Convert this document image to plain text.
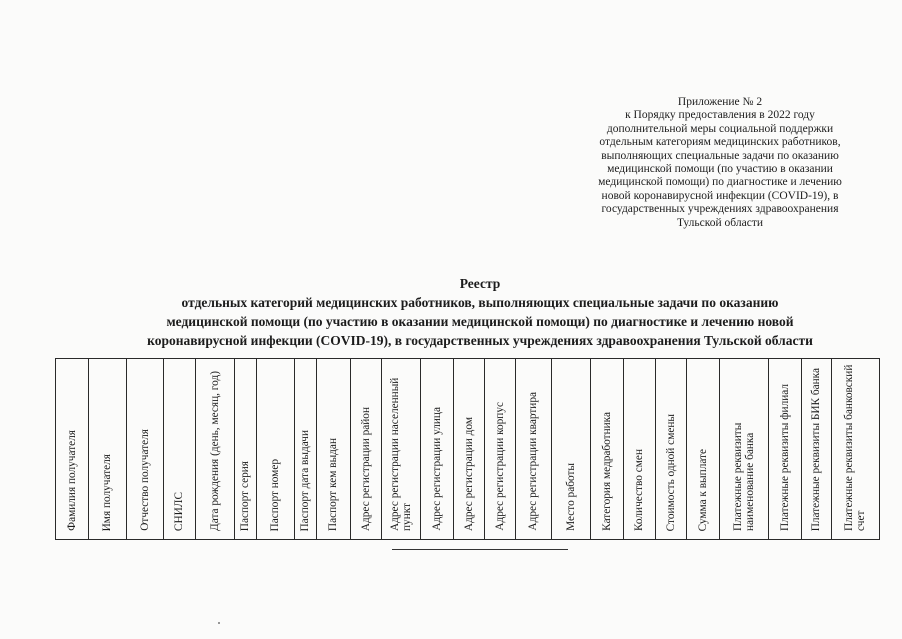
Приложение № 2
к Порядку предоставления в 2022 году
дополнительной меры социальной поддержки
отдельным категориям медицинских работников,
выполняющих специальные задачи по оказанию
медицинской помощи (по участию в оказании
медицинской помощи) по диагностике и лечению
новой коронавирусной инфекции (COVID-19), в
государственных учреждениях здравоохранения
Тульской области
Реестр
отдельных категорий медицинских работников, выполняющих специальные задачи по оказанию
медицинской помощи (по участию в оказании медицинской помощи) по диагностике и лечению новой
коронавирусной инфекции (COVID-19), в государственных учреждениях здравоохранения Тульской области
Фамилия получателя	Имя получателя	Отчество получателя	СНИЛС	Дата рождения (день, месяц, год)	Паспорт серия	Паспорт номер	Паспорт дата выдачи	Паспорт кем выдан	Адрес регистрации район	Адрес регистрации населенный пункт	Адрес регистрации улица	Адрес регистрации дом	Адрес регистрации корпус	Адрес регистрации квартира	Место работы	Категория медработника	Количество смен	Стоимость одной смены	Сумма к выплате	Платежные реквизиты наименование банка	Платежные реквизиты филиал	Платежные реквизиты БИК банка	Платежные реквизиты банковский счет
